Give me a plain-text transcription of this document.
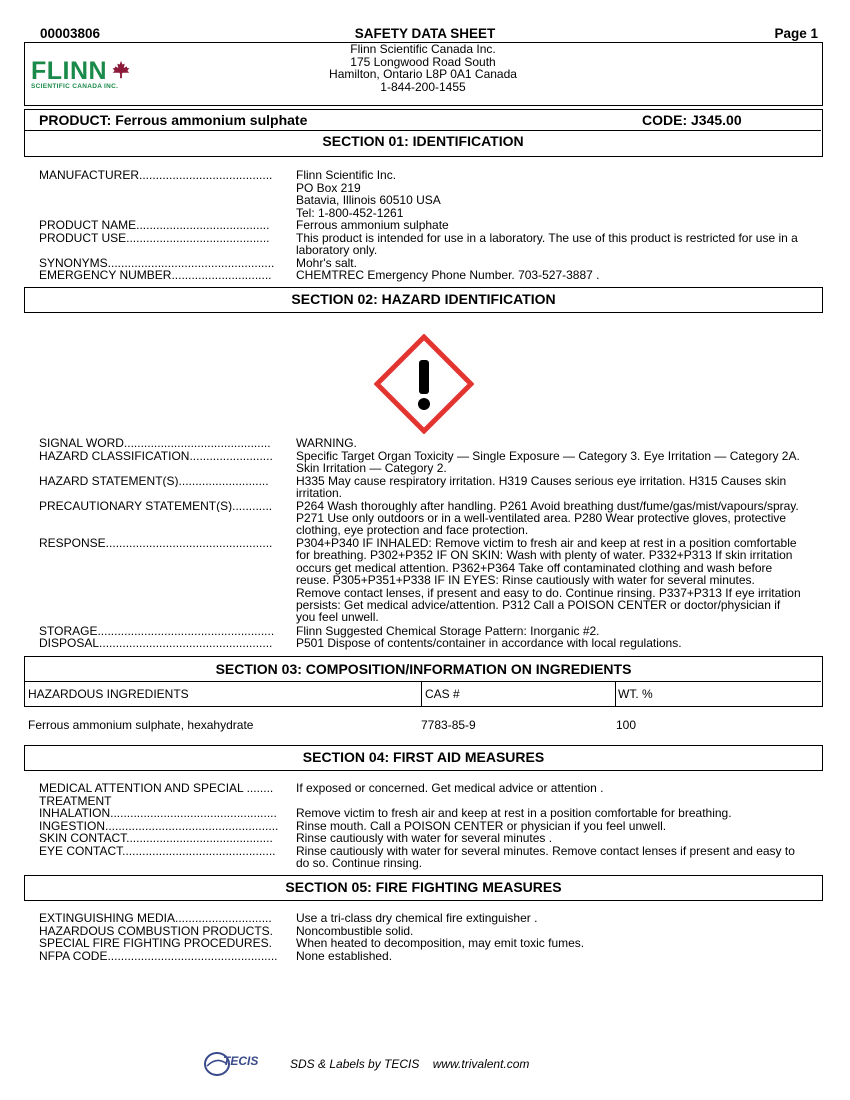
00003806	SAFETY DATA SHEET	Page 1
FLINN
SCIENTIFIC CANADA INC.
Flinn Scientific Canada Inc.
175 Longwood Road South
Hamilton, Ontario L8P 0A1 Canada
1-844-200-1455
PRODUCT: Ferrous ammonium sulphate	CODE: J345.00
SECTION 01: IDENTIFICATION
MANUFACTURER........................................	Flinn Scientific Inc.
PO Box 219
Batavia, Illinois 60510 USA
Tel: 1-800-452-1261
PRODUCT NAME........................................	Ferrous ammonium sulphate
PRODUCT USE...........................................	This product is intended for use in a laboratory. The use of this product is restricted for use in a laboratory only.
SYNONYMS..................................................	Mohr's salt.
EMERGENCY NUMBER..............................	CHEMTREC Emergency Phone Number. 703-527-3887 .
SECTION 02: HAZARD IDENTIFICATION
SIGNAL WORD............................................	WARNING.
HAZARD CLASSIFICATION.........................	Specific Target Organ Toxicity — Single Exposure — Category 3. Eye Irritation — Category 2A. Skin Irritation — Category 2.
HAZARD STATEMENT(S)...........................	H335 May cause respiratory irritation. H319 Causes serious eye irritation. H315 Causes skin irritation.
PRECAUTIONARY STATEMENT(S)............	P264 Wash thoroughly after handling. P261 Avoid breathing dust/fume/gas/mist/vapours/spray. P271 Use only outdoors or in a well-ventilated area. P280 Wear protective gloves, protective clothing, eye protection and face protection.
RESPONSE..................................................	P304+P340 IF INHALED: Remove victim to fresh air and keep at rest in a position comfortable for breathing. P302+P352 IF ON SKIN: Wash with plenty of water. P332+P313 If skin irritation occurs get medical attention. P362+P364 Take off contaminated clothing and wash before reuse. P305+P351+P338 IF IN EYES: Rinse cautiously with water for several minutes. Remove contact lenses, if present and easy to do. Continue rinsing. P337+P313 If eye irritation persists: Get medical advice/attention. P312 Call a POISON CENTER or doctor/physician if you feel unwell.
STORAGE.....................................................	Flinn Suggested Chemical Storage Pattern: Inorganic #2.
DISPOSAL....................................................	P501 Dispose of contents/container in accordance with local regulations.
SECTION 03: COMPOSITION/INFORMATION ON INGREDIENTS
HAZARDOUS INGREDIENTS	CAS #	WT. %
Ferrous ammonium sulphate, hexahydrate	7783-85-9	100
SECTION 04: FIRST AID MEASURES
MEDICAL ATTENTION AND SPECIAL ........	If exposed or concerned. Get medical advice or attention .
TREATMENT
INHALATION..................................................	Remove victim to fresh air and keep at rest in a position comfortable for breathing.
INGESTION....................................................	Rinse mouth. Call a POISON CENTER or physician if you feel unwell.
SKIN CONTACT............................................	Rinse cautiously with water for several minutes .
EYE CONTACT..............................................	Rinse cautiously with water for several minutes. Remove contact lenses if present and easy to do so. Continue rinsing.
SECTION 05: FIRE FIGHTING MEASURES
EXTINGUISHING MEDIA.............................	Use a tri-class dry chemical fire extinguisher .
HAZARDOUS COMBUSTION PRODUCTS.	Noncombustible solid.
SPECIAL FIRE FIGHTING PROCEDURES.	When heated to decomposition, may emit toxic fumes.
NFPA CODE...................................................	None established.
TECIS	SDS & Labels by TECIS    www.trivalent.com
